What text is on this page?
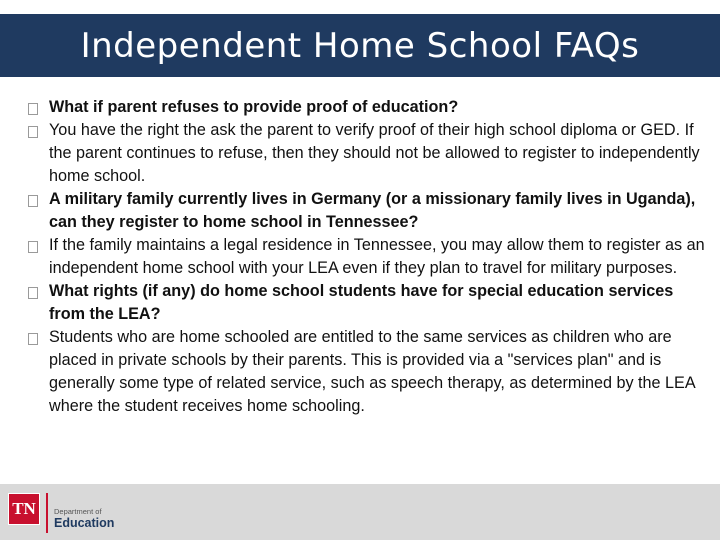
Independent Home School FAQs
What if parent refuses to provide proof of education?
You have the right the ask the parent to verify proof of their high school diploma or GED. If the parent continues to refuse, then they should not be allowed to register to independently home school.
A military family currently lives in Germany (or a missionary family lives in Uganda), can they register to home school in Tennessee?
If the family maintains a legal residence in Tennessee, you may allow them to register as an independent home school with your LEA even if they plan to travel for military purposes.
What rights (if any) do home school students have for special education services from the LEA?
Students who are home schooled are entitled to the same services as children who are placed in private schools by their parents. This is provided via a "services plan" and is generally some type of related service, such as speech therapy, as determined by the LEA where the student receives home schooling.
TN	Department of
Education
